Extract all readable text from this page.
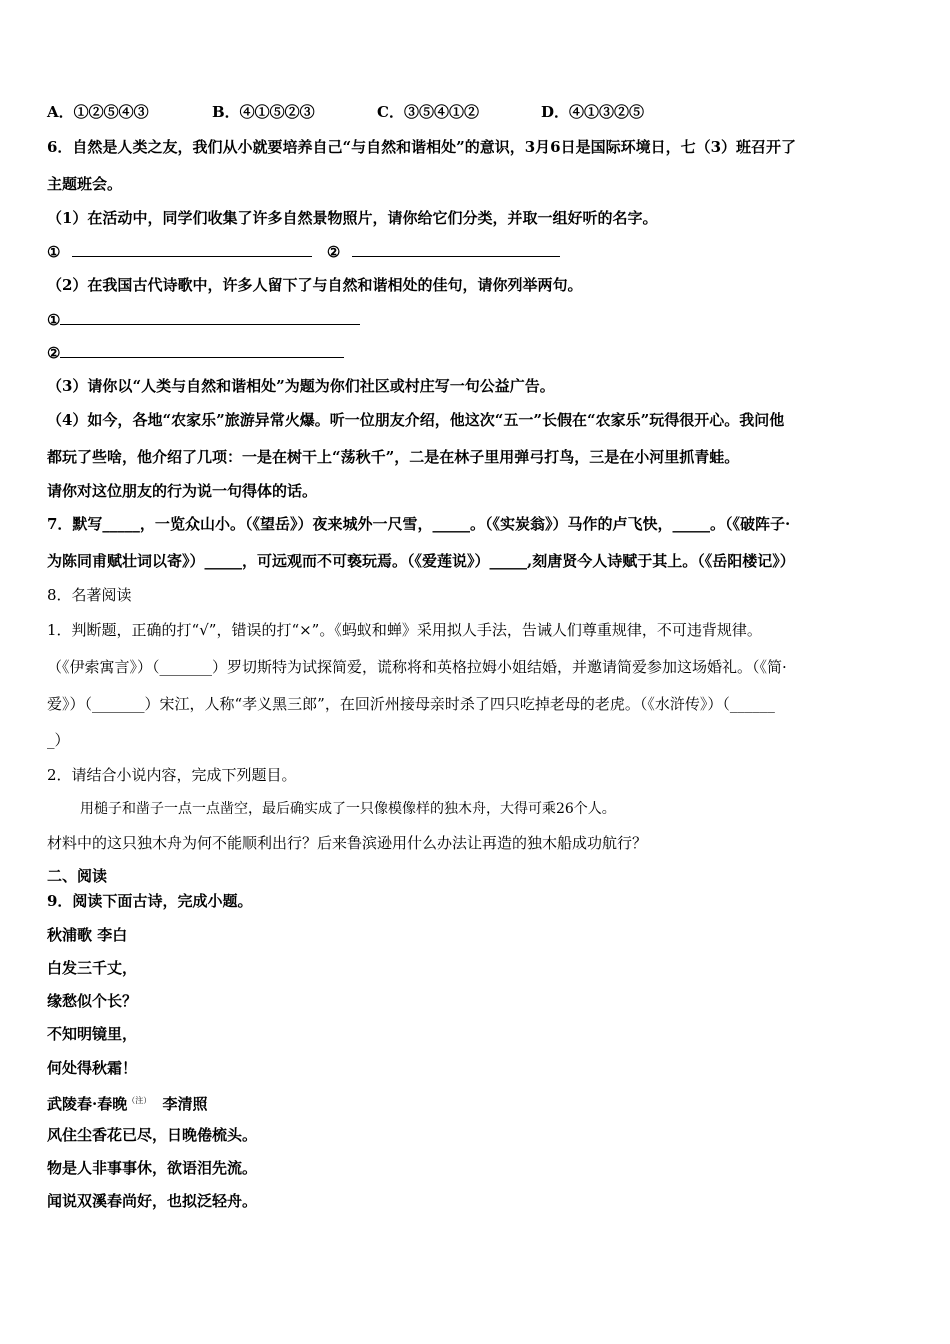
A．①②⑤④③	B．④①⑤②③	C．③⑤④①②	D．④①③②⑤
6．自然是人类之友，我们从小就要培养自己“与自然和谐相处”的意识，3月6日是国际环境日，七（3）班召开了
主题班会。
（1）在活动中，同学们收集了许多自然景物照片，请你给它们分类，并取一组好听的名字。
①	②
（2）在我国古代诗歌中，许多人留下了与自然和谐相处的佳句，请你列举两句。
①
②
（3）请你以“人类与自然和谐相处”为题为你们社区或村庄写一句公益广告。
（4）如今，各地“农家乐”旅游异常火爆。听一位朋友介绍，他这次“五一”长假在“农家乐”玩得很开心。我问他
都玩了些啥，他介绍了几项：一是在树干上“荡秋千”，二是在林子里用弹弓打鸟，三是在小河里抓青蛙。
请你对这位朋友的行为说一句得体的话。
7．默写_____，一览众山小。（《望岳》）夜来城外一尺雪，_____。（《实炭翁》）马作的卢飞快，_____。（《破阵子·
为陈同甫赋壮词以寄》）_____，可远观而不可亵玩焉。（《爱莲说》）_____,刻唐贤今人诗赋于其上。（《岳阳楼记》）
8．名著阅读
1．判断题，正确的打“√”，错误的打“×”。《蚂蚁和蝉》采用拟人手法，告诫人们尊重规律，不可违背规律。
（《伊索寓言》）（_______）罗切斯特为试探简爱，谎称将和英格拉姆小姐结婚，并邀请简爱参加这场婚礼。（《简·
爱》）（_______）宋江，人称“孝义黑三郎”，在回沂州接母亲时杀了四只吃掉老母的老虎。（《水浒传》）（______
_）
2．请结合小说内容，完成下列题目。
用槌子和凿子一点一点凿空，最后确实成了一只像模像样的独木舟，大得可乘26个人。
材料中的这只独木舟为何不能顺利出行？后来鲁滨逊用什么办法让再造的独木船成功航行？
二、阅读
9．阅读下面古诗，完成小题。
秋浦歌 李白
白发三千丈，
缘愁似个长？
不知明镜里，
何处得秋霜！
武陵春·春晚$^{(注)}$ 李清照
风住尘香花已尽，日晚倦梳头。
物是人非事事休，欲语泪先流。
闻说双溪春尚好，也拟泛轻舟。
